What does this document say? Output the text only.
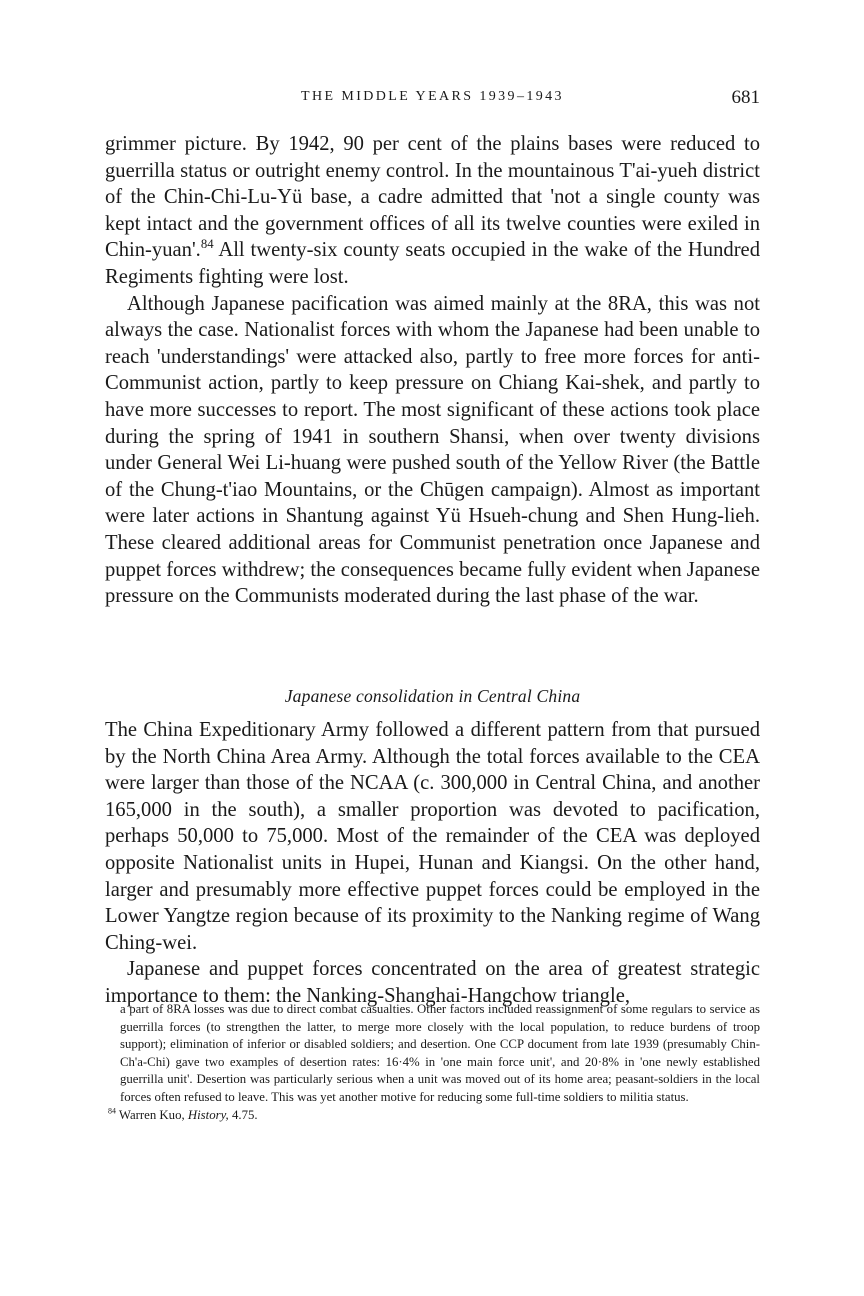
THE MIDDLE YEARS 1939–1943	681

grimmer picture. By 1942, 90 per cent of the plains bases were reduced to guerrilla status or outright enemy control. In the mountainous T'ai-yueh district of the Chin-Chi-Lu-Yü base, a cadre admitted that 'not a single county was kept intact and the government offices of all its twelve counties were exiled in Chin-yuan'.$^{84}$ All twenty-six county seats occupied in the wake of the Hundred Regiments fighting were lost.

Although Japanese pacification was aimed mainly at the 8RA, this was not always the case. Nationalist forces with whom the Japanese had been unable to reach 'understandings' were attacked also, partly to free more forces for anti-Communist action, partly to keep pressure on Chiang Kai-shek, and partly to have more successes to report. The most significant of these actions took place during the spring of 1941 in southern Shansi, when over twenty divisions under General Wei Li-huang were pushed south of the Yellow River (the Battle of the Chung-t'iao Mountains, or the Chūgen campaign). Almost as important were later actions in Shantung against Yü Hsueh-chung and Shen Hung-lieh. These cleared additional areas for Communist penetration once Japanese and puppet forces withdrew; the consequences became fully evident when Japanese pressure on the Communists moderated during the last phase of the war.

Japanese consolidation in Central China

The China Expeditionary Army followed a different pattern from that pursued by the North China Area Army. Although the total forces available to the CEA were larger than those of the NCAA (c. 300,000 in Central China, and another 165,000 in the south), a smaller proportion was devoted to pacification, perhaps 50,000 to 75,000. Most of the remainder of the CEA was deployed opposite Nationalist units in Hupei, Hunan and Kiangsi. On the other hand, larger and presumably more effective puppet forces could be employed in the Lower Yangtze region because of its proximity to the Nanking regime of Wang Ching-wei.

Japanese and puppet forces concentrated on the area of greatest strategic importance to them: the Nanking-Shanghai-Hangchow triangle,

a part of 8RA losses was due to direct combat casualties. Other factors included reassignment of some regulars to service as guerrilla forces (to strengthen the latter, to merge more closely with the local population, to reduce burdens of troop support); elimination of inferior or disabled soldiers; and desertion. One CCP document from late 1939 (presumably Chin-Ch'a-Chi) gave two examples of desertion rates: 16·4% in 'one main force unit', and 20·8% in 'one newly established guerrilla unit'. Desertion was particularly serious when a unit was moved out of its home area; peasant-soldiers in the local forces often refused to leave. This was yet another motive for reducing some full-time soldiers to militia status.

$^{84}$ Warren Kuo, History, 4.75.
